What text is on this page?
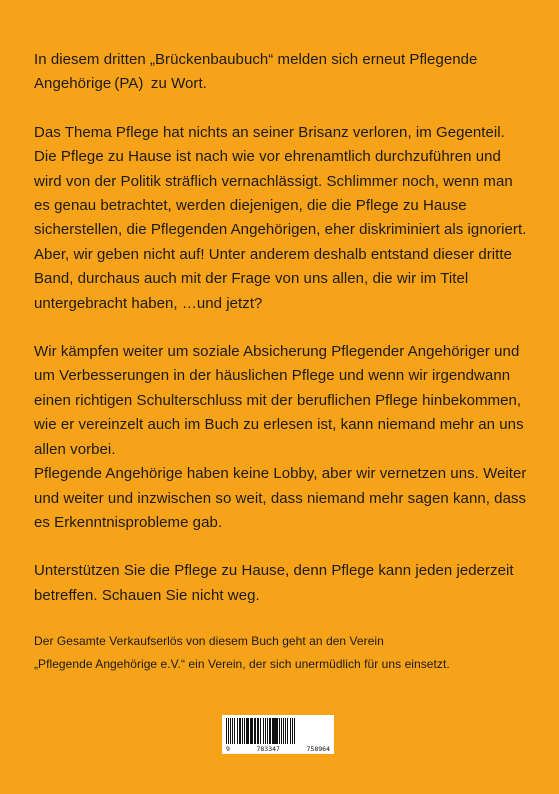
In diesem dritten „Brückenbaubuch“ melden sich erneut Pflegende Angehörige (PA) zu Wort.

Das Thema Pflege hat nichts an seiner Brisanz verloren, im Gegenteil. Die Pflege zu Hause ist nach wie vor ehrenamtlich durchzuführen und wird von der Politik sträflich vernachlässigt. Schlimmer noch, wenn man es genau betrachtet, werden diejenigen, die die Pflege zu Hause sicherstellen, die Pflegenden Angehörigen, eher diskriminiert als ignoriert. Aber, wir geben nicht auf! Unter anderem deshalb entstand dieser dritte Band, durchaus auch mit der Frage von uns allen, die wir im Titel untergebracht haben, …und jetzt?

Wir kämpfen weiter um soziale Absicherung Pflegender Angehöriger und um Verbesserungen in der häuslichen Pflege und wenn wir irgendwann einen richtigen Schulterschluss mit der beruflichen Pflege hinbekommen, wie er vereinzelt auch im Buch zu erlesen ist, kann niemand mehr an uns allen vorbei.

Pflegende Angehörige haben keine Lobby, aber wir vernetzen uns. Weiter und weiter und inzwischen so weit, dass niemand mehr sagen kann, dass es Erkenntnisprobleme gab.

Unterstützen Sie die Pflege zu Hause, denn Pflege kann jeden jederzeit betreffen. Schauen Sie nicht weg.

Der Gesamte Verkaufserlös von diesem Buch geht an den Verein

„Pflegende Angehörige e.V.“ ein Verein, der sich unermüdlich für uns einsetzt.

9	783347	758964
